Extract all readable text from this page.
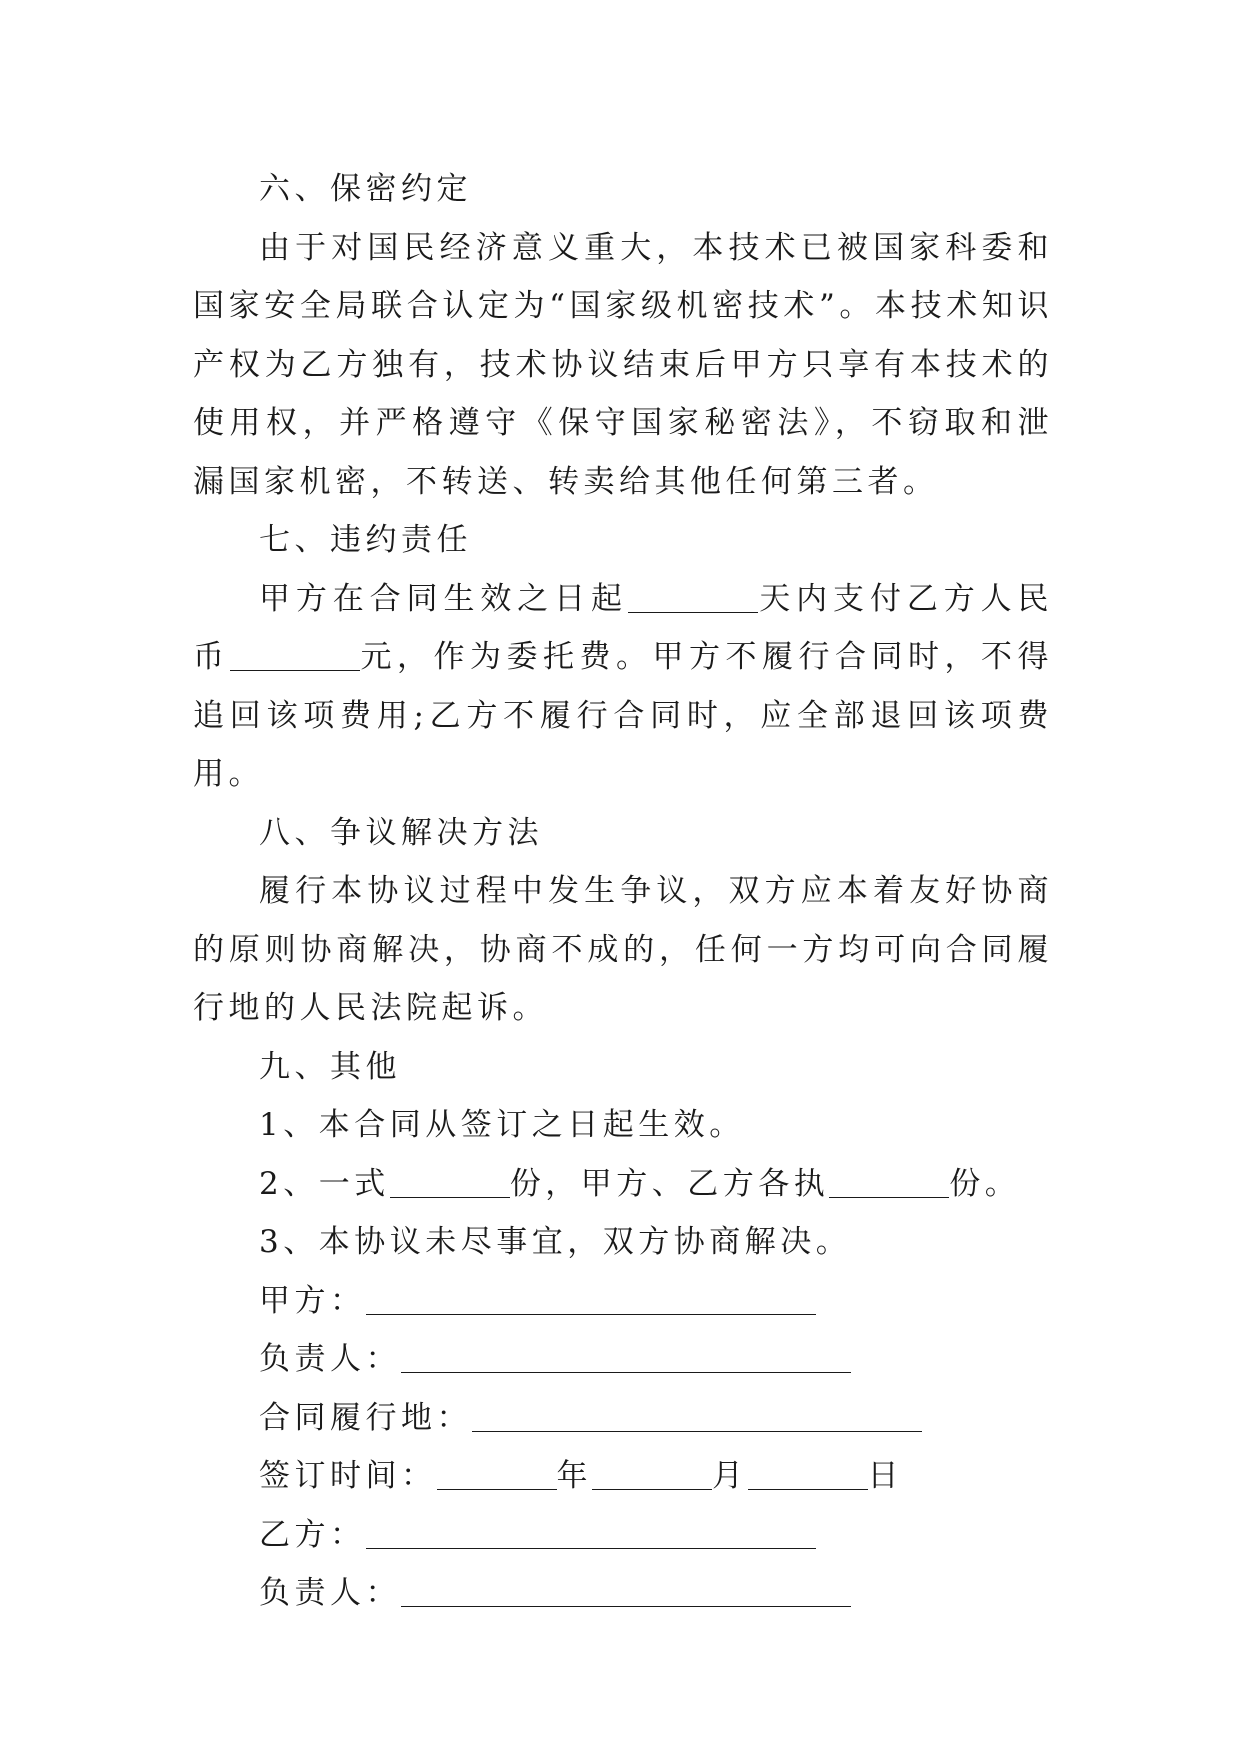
六、保密约定

由于对国民经济意义重大，本技术已被国家科委和国家安全局联合认定为“国家级机密技术”。本技术知识产权为乙方独有，技术协议结束后甲方只享有本技术的使用权，并严格遵守《保守国家秘密法》，不窃取和泄漏国家机密，不转送、转卖给其他任何第三者。

七、违约责任

甲方在合同生效之日起	天内支付乙方人民币	元，作为委托费。甲方不履行合同时，不得追回该项费用;乙方不履行合同时，应全部退回该项费用。

八、争议解决方法

履行本协议过程中发生争议，双方应本着友好协商的原则协商解决，协商不成的，任何一方均可向合同履行地的人民法院起诉。

九、其他

1、本合同从签订之日起生效。

2、一式	份，甲方、乙方各执	份。

3、本协议未尽事宜，双方协商解决。

甲方：

负责人：

合同履行地：

签订时间：	年	月	日

乙方：

负责人：
